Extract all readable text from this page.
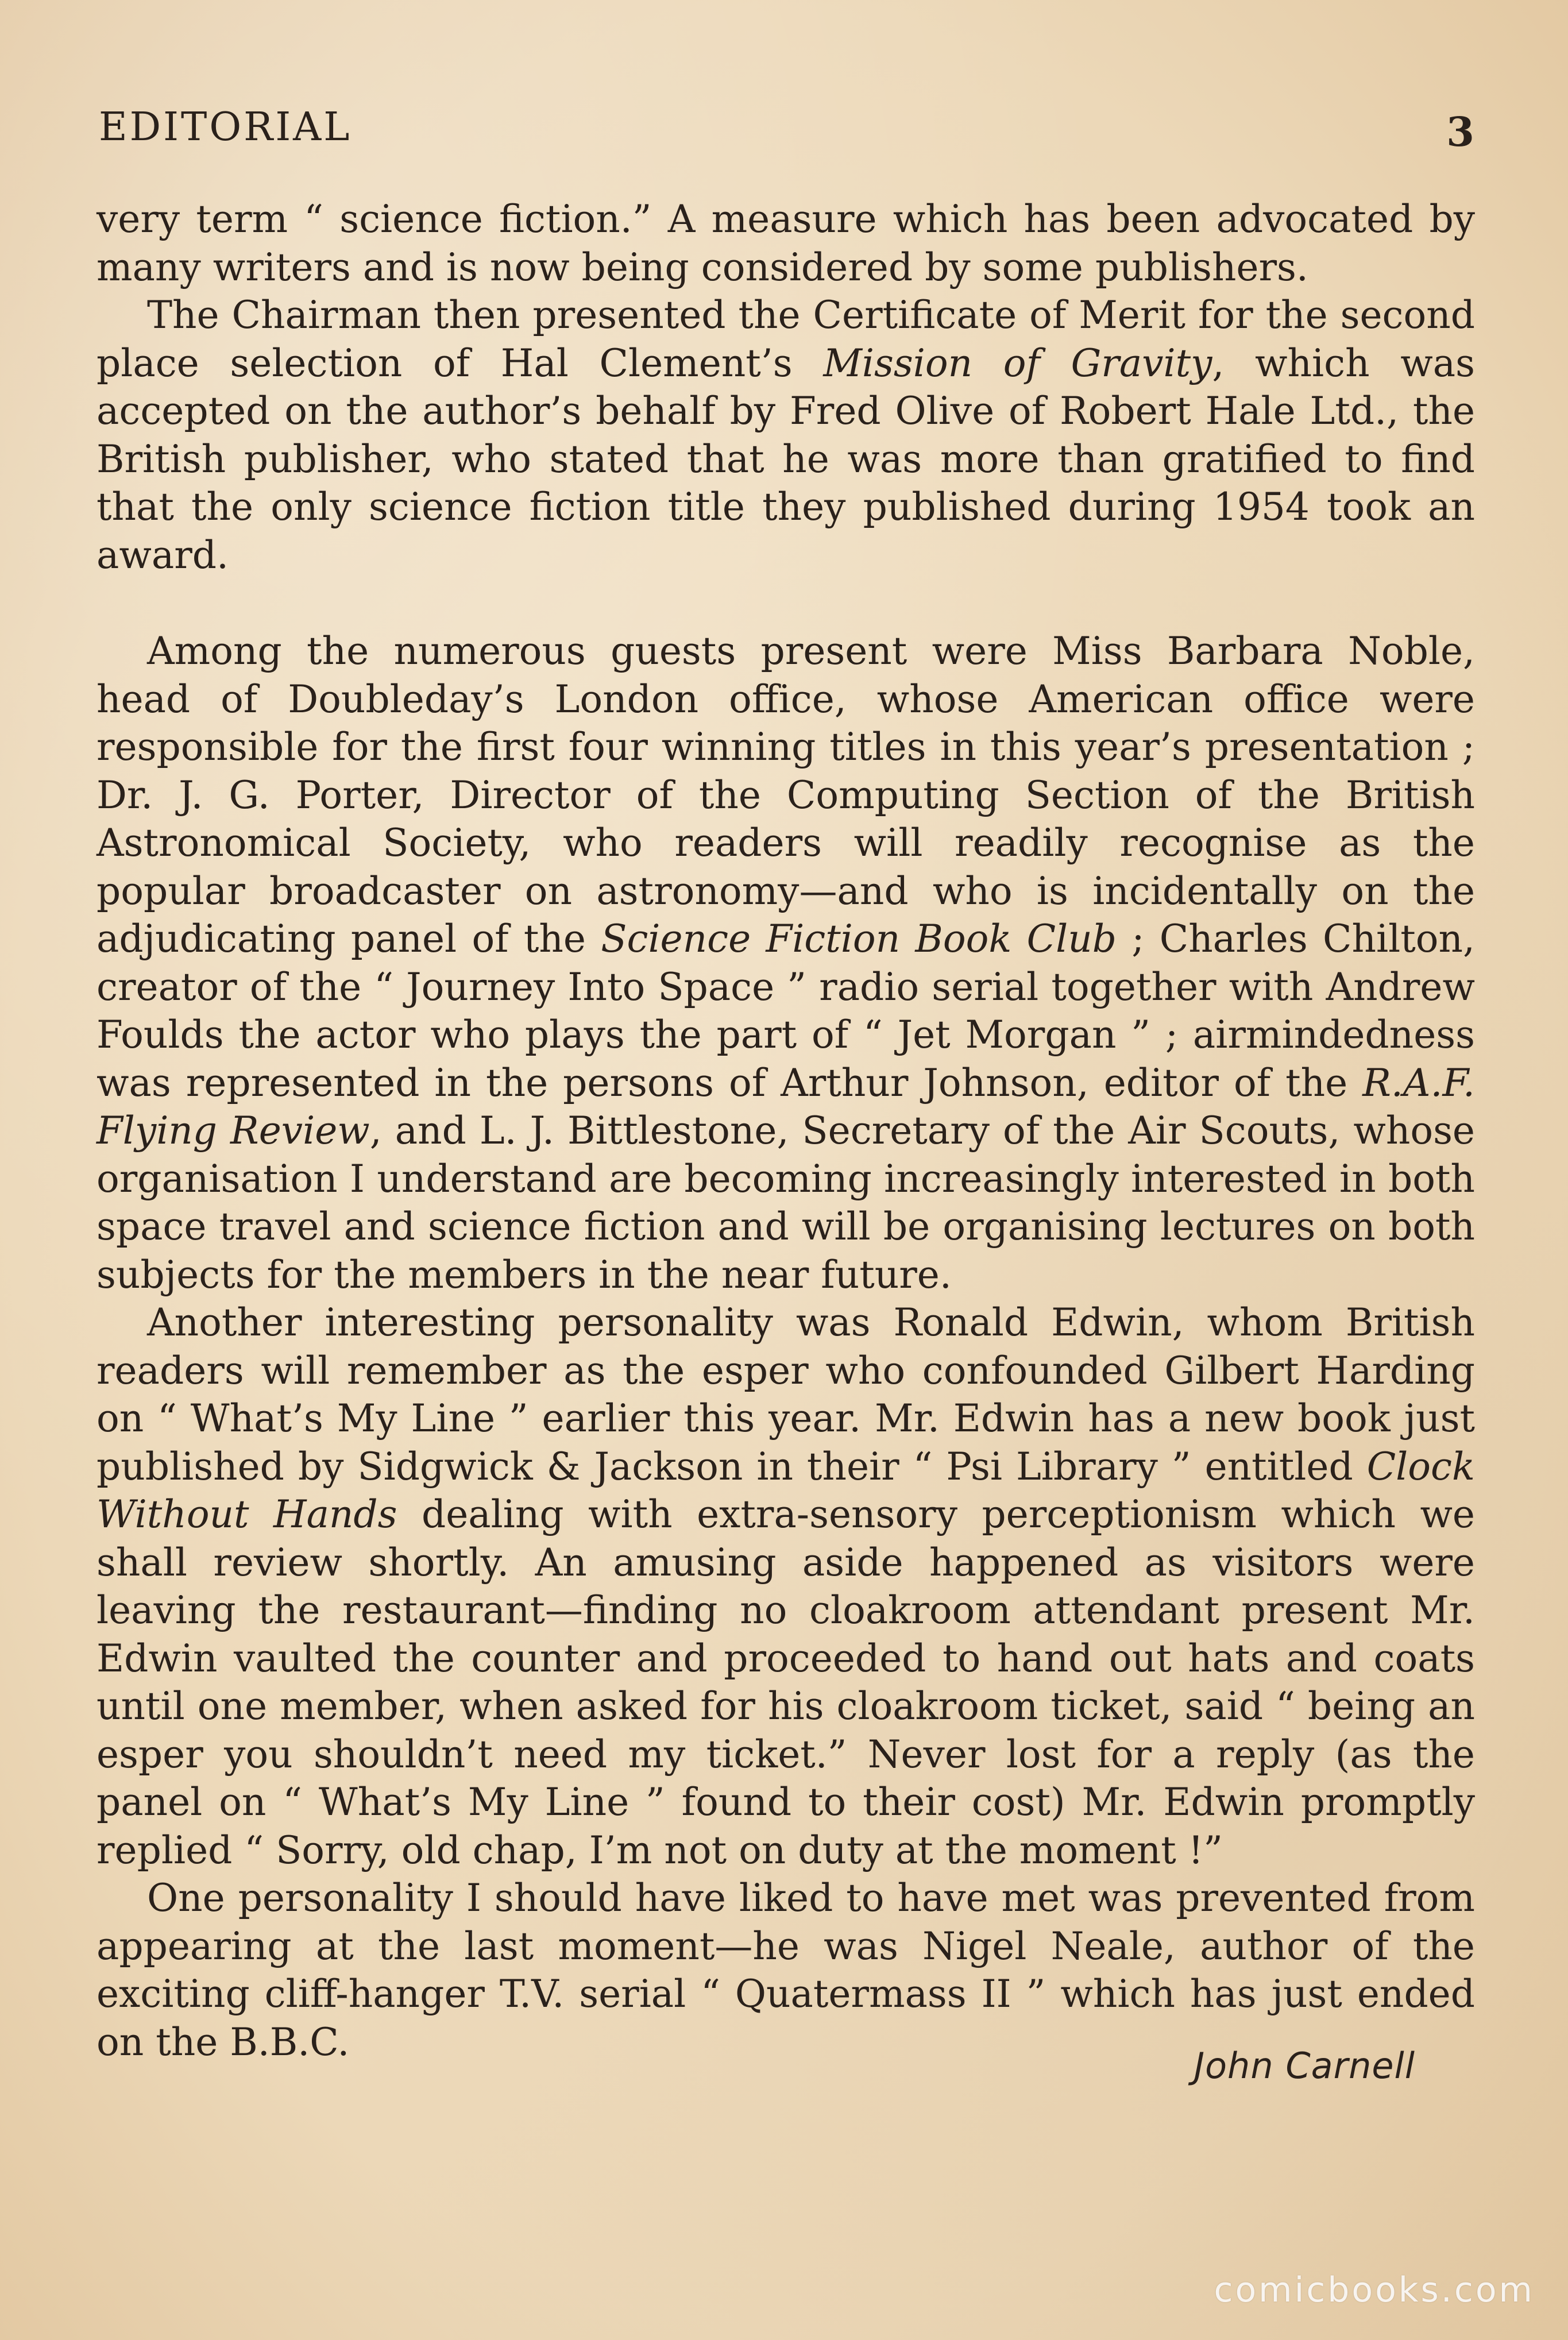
EDITORIAL	3

very term “ science fiction.” A measure which has been advocated by many writers and is now being considered by some publishers.

The Chairman then presented the Certificate of Merit for the second place selection of Hal Clement’s Mission of Gravity, which was accepted on the author’s behalf by Fred Olive of Robert Hale Ltd., the British publisher, who stated that he was more than gratified to find that the only science fiction title they published during 1954 took an award.

Among the numerous guests present were Miss Barbara Noble, head of Doubleday’s London office, whose American office were responsible for the first four winning titles in this year’s presentation ; Dr. J. G. Porter, Director of the Computing Section of the British Astronomical Society, who readers will readily recognise as the popular broadcaster on astronomy—and who is incidentally on the adjudicating panel of the Science Fiction Book Club ; Charles Chilton, creator of the “ Journey Into Space ” radio serial together with Andrew Foulds the actor who plays the part of “ Jet Morgan ” ; airmindedness was represented in the persons of Arthur Johnson, editor of the R.A.F. Flying Review, and L. J. Bittlestone, Secretary of the Air Scouts, whose organisation I understand are becoming increasingly interested in both space travel and science fiction and will be organising lectures on both subjects for the members in the near future.

Another interesting personality was Ronald Edwin, whom British readers will remember as the esper who confounded Gilbert Harding on “ What’s My Line ” earlier this year. Mr. Edwin has a new book just published by Sidgwick & Jackson in their “ Psi Library ” entitled Clock Without Hands dealing with extra-sensory perceptionism which we shall review shortly. An amusing aside happened as visitors were leaving the restaurant—finding no cloakroom attendant present Mr. Edwin vaulted the counter and proceeded to hand out hats and coats until one member, when asked for his cloakroom ticket, said “ being an esper you shouldn’t need my ticket.” Never lost for a reply (as the panel on “ What’s My Line ” found to their cost) Mr. Edwin promptly replied “ Sorry, old chap, I’m not on duty at the moment !”

One personality I should have liked to have met was prevented from appearing at the last moment—he was Nigel Neale, author of the exciting cliff-hanger T.V. serial “ Quatermass II ” which has just ended on the B.B.C.

John Carnell
comicbooks.com
